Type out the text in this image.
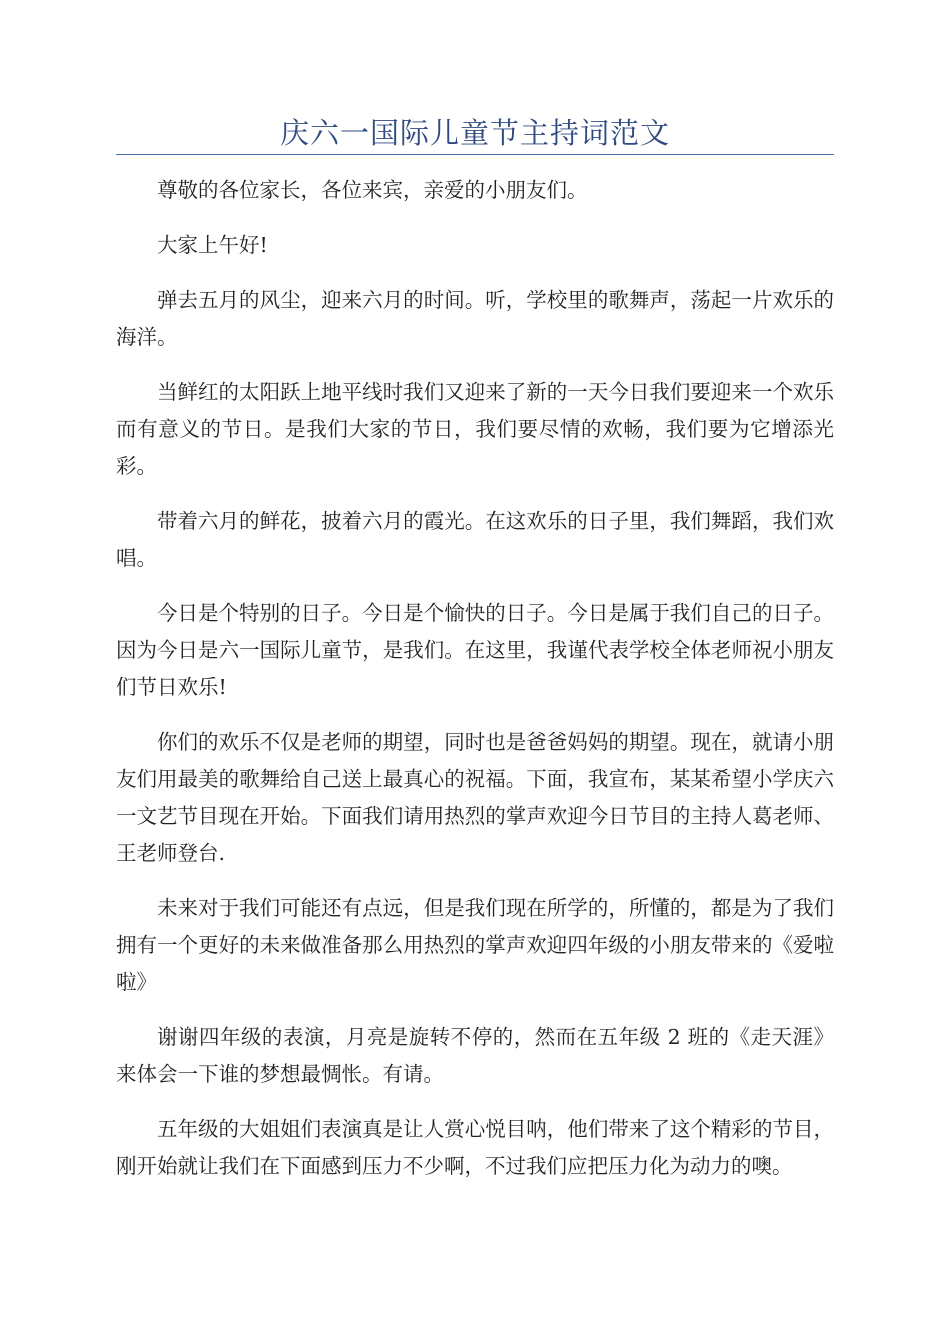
庆六一国际儿童节主持词范文

尊敬的各位家长，各位来宾，亲爱的小朋友们。

大家上午好!

弹去五月的风尘，迎来六月的时间。听，学校里的歌舞声，荡起一片欢乐的海洋。

当鲜红的太阳跃上地平线时我们又迎来了新的一天今日我们要迎来一个欢乐而有意义的节日。是我们大家的节日，我们要尽情的欢畅，我们要为它增添光彩。

带着六月的鲜花，披着六月的霞光。在这欢乐的日子里，我们舞蹈，我们欢唱。

今日是个特别的日子。今日是个愉快的日子。今日是属于我们自己的日子。因为今日是六一国际儿童节，是我们。在这里，我谨代表学校全体老师祝小朋友们节日欢乐!

你们的欢乐不仅是老师的期望，同时也是爸爸妈妈的期望。现在，就请小朋友们用最美的歌舞给自己送上最真心的祝福。下面，我宣布，某某希望小学庆六一文艺节目现在开始。下面我们请用热烈的掌声欢迎今日节目的主持人葛老师、王老师登台.

未来对于我们可能还有点远，但是我们现在所学的，所懂的，都是为了我们拥有一个更好的未来做准备那么用热烈的掌声欢迎四年级的小朋友带来的《爱啦啦》

谢谢四年级的表演，月亮是旋转不停的，然而在五年级 2 班的《走天涯》来体会一下谁的梦想最惆怅。有请。

五年级的大姐姐们表演真是让人赏心悦目呐，他们带来了这个精彩的节目，刚开始就让我们在下面感到压力不少啊，不过我们应把压力化为动力的噢。
